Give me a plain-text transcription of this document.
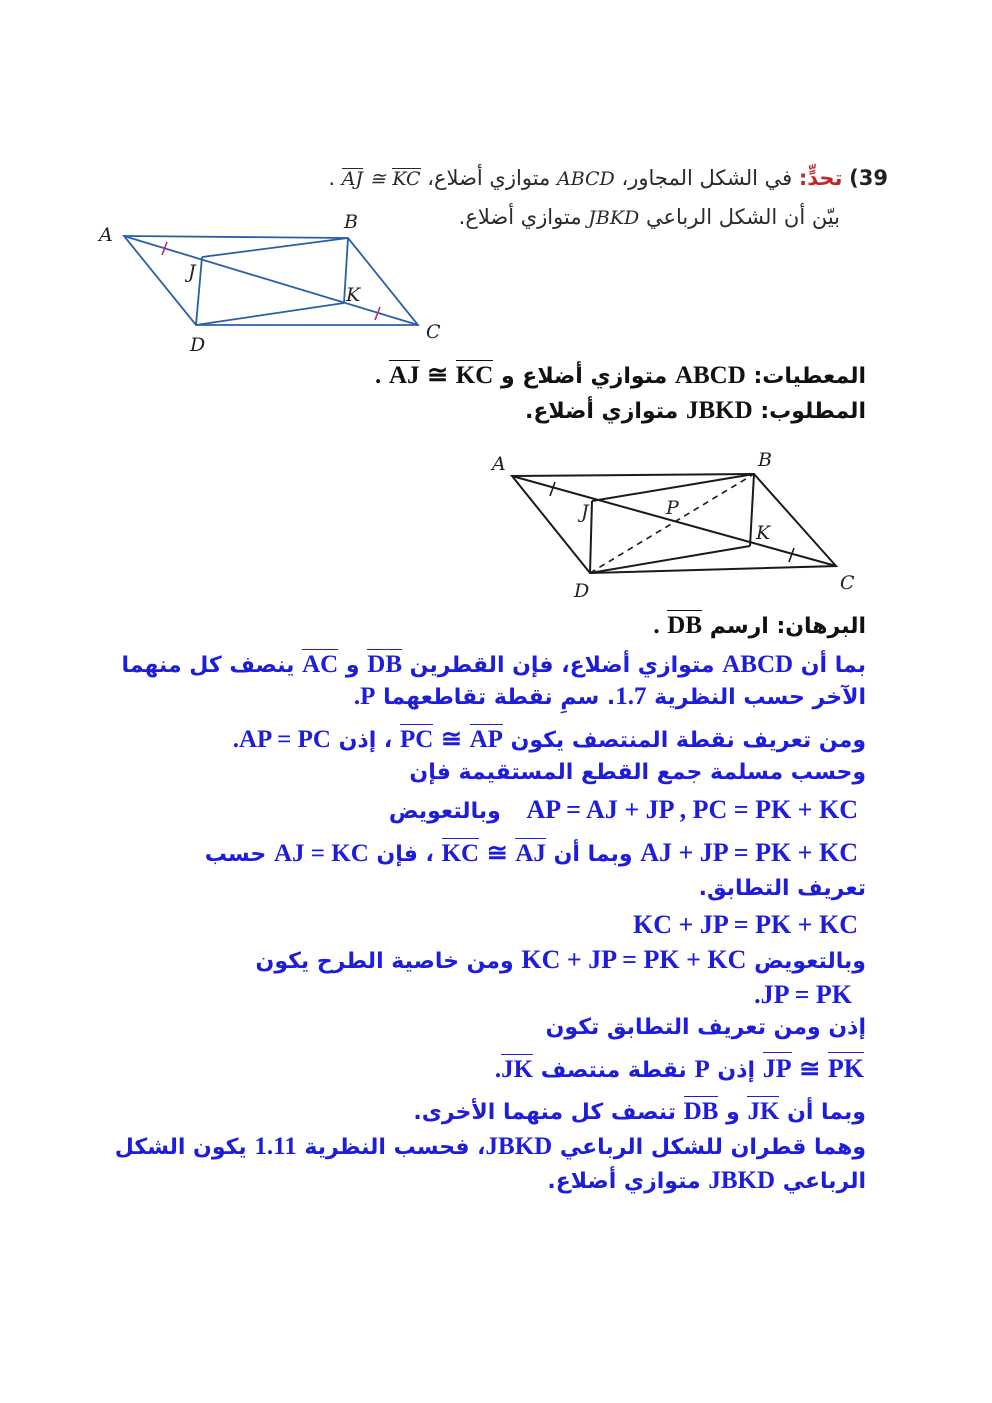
39) تحدٍّ: في الشكل المجاور، ABCD متوازي أضلاع، KC ≅ AJ .
بيّن أن الشكل الرباعي JBKD متوازي أضلاع.
A
B
C
D
J
K
المعطيات: ABCD متوازي أضلاع و KC ≅ AJ .
المطلوب: JBKD متوازي أضلاع.
A	B
C
D
J
K
P
البرهان: ارسم DB .
بما أن ABCD متوازي أضلاع، فإن القطرين DB و AC ينصف كل منهما
الآخر حسب النظرية 1.7. سمِ نقطة تقاطعهما P.
ومن تعريف نقطة المنتصف يكون AP ≅ PC ، إذن AP = PC.
وحسب مسلمة جمع القطع المستقيمة فإن
AP = AJ + JP , PC = PK + KC وبالتعويض
AJ + JP = PK + KC وبما أن AJ ≅ KC ، فإن AJ = KC حسب
تعريف التطابق.
KC + JP = PK + KC
وبالتعويض KC + JP = PK + KC ومن خاصية الطرح يكون
JP = PK.
إذن ومن تعريف التطابق تكون
PK ≅ JP إذن P نقطة منتصف JK.
وبما أن JK و DB تنصف كل منهما الأخرى.
وهما قطران للشكل الرباعي JBKD، فحسب النظرية 1.11 يكون الشكل
الرباعي JBKD متوازي أضلاع.
